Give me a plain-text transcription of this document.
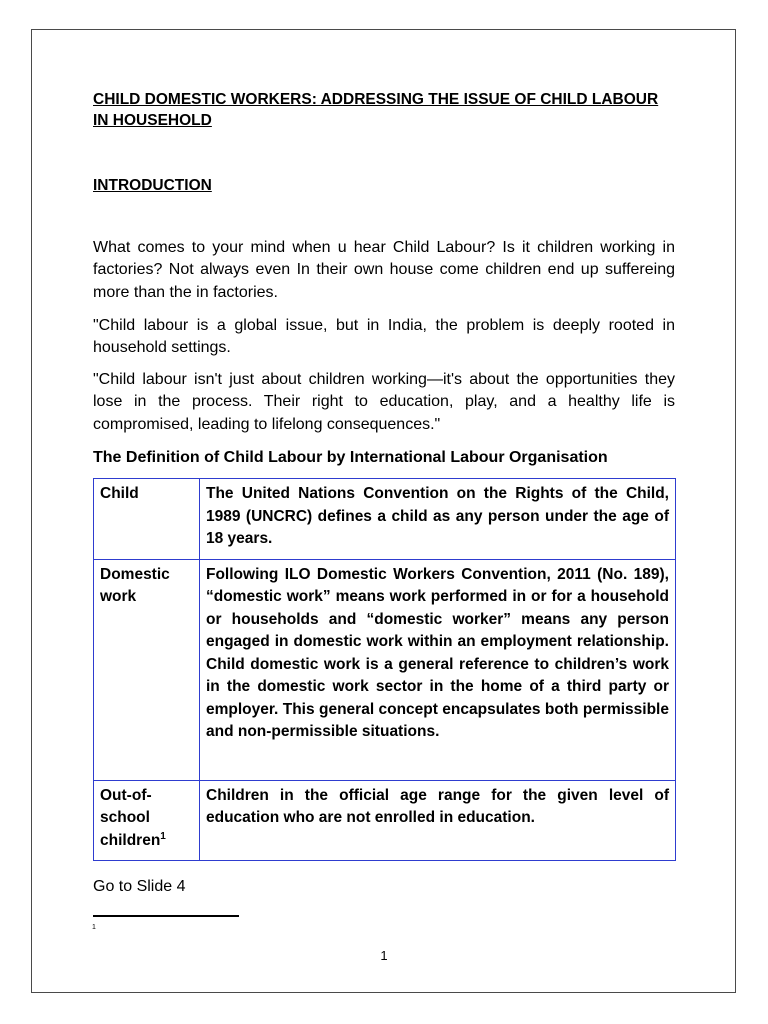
CHILD DOMESTIC WORKERS: ADDRESSING THE ISSUE OF CHILD LABOUR IN HOUSEHOLD
INTRODUCTION

What comes to your mind when u hear Child Labour? Is it children working in factories? Not always even In their own house come children end up suffereing more than the in factories.

"Child labour is a global issue, but in India, the problem is deeply rooted in household settings.

"Child labour isn't just about children working—it's about the opportunities they lose in the process. Their right to education, play, and a healthy life is compromised, leading to lifelong consequences."

The Definition of Child Labour by International Labour Organisation
Child	The United Nations Convention on the Rights of the Child, 1989 (UNCRC) defines a child as any person under the age of 18 years.
Domestic work	Following ILO Domestic Workers Convention, 2011 (No. 189), “domestic work” means work performed in or for a household or households and “domestic worker” means any person engaged in domestic work within an employment relationship. Child domestic work is a general reference to children’s work in the domestic work sector in the home of a third party or employer. This general concept encapsulates both permissible and non-permissible situations.
Out-of-school children$^1$	Children in the official age range for the given level of education who are not enrolled in education.
Go to Slide 4
1
1
